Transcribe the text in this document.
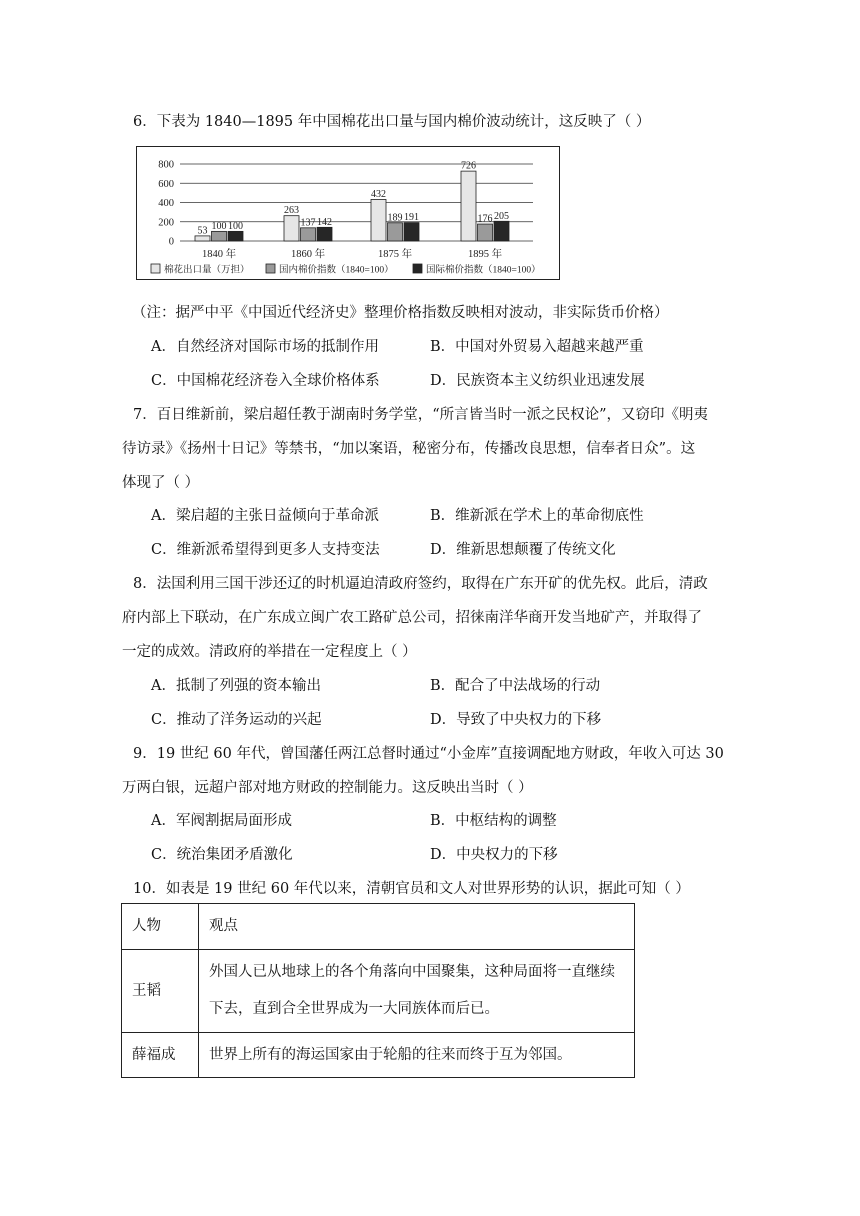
6．下表为 1840—1895 年中国棉花出口量与国内棉价波动统计，这反映了（ ）
800
600
400
200
0
53 100 100
1840 年
263
137 142
1860 年
432
189 191
1875 年
726
176 205
1895 年
棉花出口量（万担）	国内棉价指数（1840=100）	国际棉价指数（1840=100）
（注：据严中平《中国近代经济史》整理价格指数反映相对波动，非实际货币价格）
A．自然经济对国际市场的抵制作用	B．中国对外贸易入超越来越严重
C．中国棉花经济卷入全球价格体系	D．民族资本主义纺织业迅速发展
7．百日维新前，梁启超任教于湖南时务学堂，“所言皆当时一派之民权论”，又窃印《明夷
待访录》《扬州十日记》等禁书，“加以案语，秘密分布，传播改良思想，信奉者日众”。这
体现了（ ）
A．梁启超的主张日益倾向于革命派	B．维新派在学术上的革命彻底性
C．维新派希望得到更多人支持变法	D．维新思想颠覆了传统文化
8．法国利用三国干涉还辽的时机逼迫清政府签约，取得在广东开矿的优先权。此后，清政
府内部上下联动，在广东成立闽广农工路矿总公司，招徕南洋华商开发当地矿产，并取得了
一定的成效。清政府的举措在一定程度上（ ）
A．抵制了列强的资本输出	B．配合了中法战场的行动
C．推动了洋务运动的兴起	D．导致了中央权力的下移
9．19 世纪 60 年代，曾国藩任两江总督时通过“小金库”直接调配地方财政，年收入可达 30
万两白银，远超户部对地方财政的控制能力。这反映出当时（ ）
A．军阀割据局面形成	B．中枢结构的调整
C．统治集团矛盾激化	D．中央权力的下移
10．如表是 19 世纪 60 年代以来，清朝官员和文人对世界形势的认识，据此可知（ ）
人物	观点
王韬	外国人已从地球上的各个角落向中国聚集，这种局面将一直继续
下去，直到合全世界成为一大同族体而后已。

薛福成	世界上所有的海运国家由于轮船的往来而终于互为邻国。
